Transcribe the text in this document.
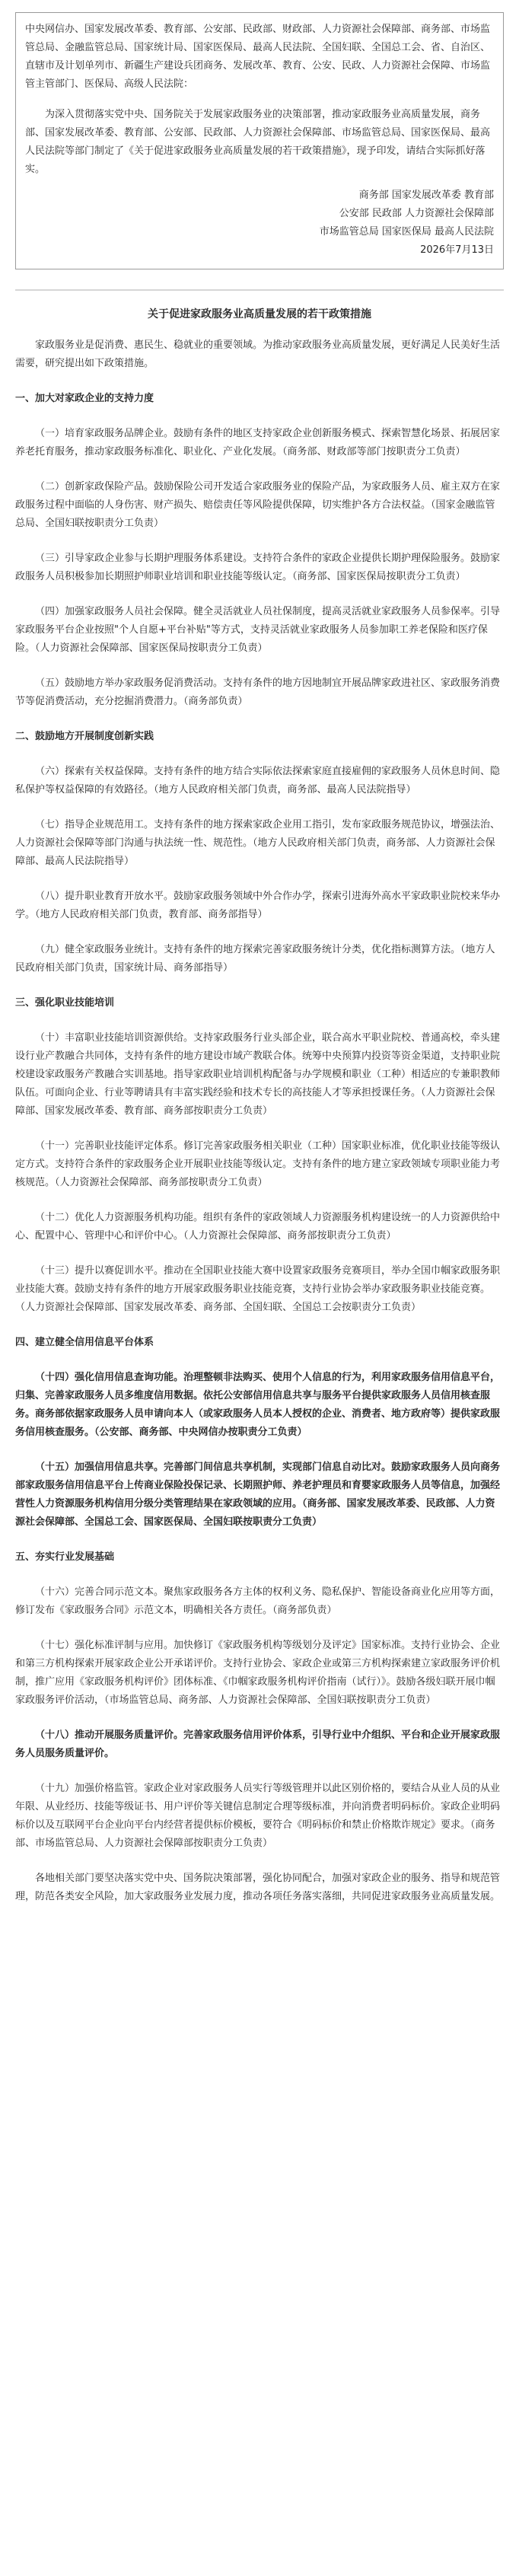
中央网信办、国家发展改革委、教育部、公安部、民政部、财政部、人力资源社会保障部、商务部、市场监管总局、金融监管总局、国家统计局、国家医保局、最高人民法院、全国妇联、全国总工会、省、自治区、直辖市及计划单列市、新疆生产建设兵团商务、发展改革、教育、公安、民政、人力资源社会保障、市场监管主管部门、医保局、高级人民法院：

为深入贯彻落实党中央、国务院关于发展家政服务业的决策部署，推动家政服务业高质量发展，商务部、国家发展改革委、教育部、公安部、民政部、人力资源社会保障部、市场监管总局、国家医保局、最高人民法院等部门制定了《关于促进家政服务业高质量发展的若干政策措施》，现予印发，请结合实际抓好落实。

商务部 国家发展改革委 教育部
公安部 民政部 人力资源社会保障部
市场监管总局 国家医保局 最高人民法院
2026年7月13日
关于促进家政服务业高质量发展的若干政策措施

家政服务业是促消费、惠民生、稳就业的重要领域。为推动家政服务业高质量发展，更好满足人民美好生活需要，研究提出如下政策措施。

一、加大对家政企业的支持力度

（一）培育家政服务品牌企业。鼓励有条件的地区支持家政企业创新服务模式、探索智慧化场景、拓展居家养老托育服务，推动家政服务标准化、职业化、产业化发展。（商务部、财政部等部门按职责分工负责）

（二）创新家政保险产品。鼓励保险公司开发适合家政服务业的保险产品，为家政服务人员、雇主双方在家政服务过程中面临的人身伤害、财产损失、赔偿责任等风险提供保障，切实维护各方合法权益。（国家金融监管总局、全国妇联按职责分工负责）

（三）引导家政企业参与长期护理服务体系建设。支持符合条件的家政企业提供长期护理保险服务。鼓励家政服务人员积极参加长期照护师职业培训和职业技能等级认定。（商务部、国家医保局按职责分工负责）

（四）加强家政服务人员社会保障。健全灵活就业人员社保制度，提高灵活就业家政服务人员参保率。引导家政服务平台企业按照"个人自愿+平台补贴"等方式，支持灵活就业家政服务人员参加职工养老保险和医疗保险。（人力资源社会保障部、国家医保局按职责分工负责）

（五）鼓励地方举办家政服务促消费活动。支持有条件的地方因地制宜开展品牌家政进社区、家政服务消费节等促消费活动，充分挖掘消费潜力。（商务部负责）

二、鼓励地方开展制度创新实践

（六）探索有关权益保障。支持有条件的地方结合实际依法探索家庭直接雇佣的家政服务人员休息时间、隐私保护等权益保障的有效路径。（地方人民政府相关部门负责，商务部、最高人民法院指导）

（七）指导企业规范用工。支持有条件的地方探索家政企业用工指引，发布家政服务规范协议，增强法治、人力资源社会保障等部门沟通与执法统一性、规范性。（地方人民政府相关部门负责，商务部、人力资源社会保障部、最高人民法院指导）

（八）提升职业教育开放水平。鼓励家政服务领域中外合作办学，探索引进海外高水平家政职业院校来华办学。（地方人民政府相关部门负责，教育部、商务部指导）

（九）健全家政服务业统计。支持有条件的地方探索完善家政服务统计分类，优化指标测算方法。（地方人民政府相关部门负责，国家统计局、商务部指导）

三、强化职业技能培训

（十）丰富职业技能培训资源供给。支持家政服务行业头部企业，联合高水平职业院校、普通高校，牵头建设行业产教融合共同体，支持有条件的地方建设市域产教联合体。统筹中央预算内投资等资金渠道，支持职业院校建设家政服务产教融合实训基地。指导家政职业培训机构配备与办学规模和职业（工种）相适应的专兼职教师队伍。可面向企业、行业等聘请具有丰富实践经验和技术专长的高技能人才等承担授课任务。（人力资源社会保障部、国家发展改革委、教育部、商务部按职责分工负责）

（十一）完善职业技能评定体系。修订完善家政服务相关职业（工种）国家职业标准，优化职业技能等级认定方式。支持符合条件的家政服务企业开展职业技能等级认定。支持有条件的地方建立家政领域专项职业能力考核规范。（人力资源社会保障部、商务部按职责分工负责）

（十二）优化人力资源服务机构功能。组织有条件的家政领域人力资源服务机构建设统一的人力资源供给中心、配置中心、管理中心和评价中心。（人力资源社会保障部、商务部按职责分工负责）

（十三）提升以赛促训水平。推动在全国职业技能大赛中设置家政服务竞赛项目，举办全国巾帼家政服务职业技能大赛。鼓励支持有条件的地方开展家政服务职业技能竞赛，支持行业协会举办家政服务职业技能竞赛。（人力资源社会保障部、国家发展改革委、商务部、全国妇联、全国总工会按职责分工负责）

四、建立健全信用信息平台体系

（十四）强化信用信息查询功能。治理整顿非法购买、使用个人信息的行为，利用家政服务信用信息平台，归集、完善家政服务人员多维度信用数据。依托公安部信用信息共享与服务平台提供家政服务人员信用核查服务。商务部依据家政服务人员申请向本人（或家政服务人员本人授权的企业、消费者、地方政府等）提供家政服务信用核查服务。（公安部、商务部、中央网信办按职责分工负责）

（十五）加强信用信息共享。完善部门间信息共享机制，实现部门信息自动比对。鼓励家政服务人员向商务部家政服务信用信息平台上传商业保险投保记录、长期照护师、养老护理员和育婴家政服务人员等信息，加强经营性人力资源服务机构信用分级分类管理结果在家政领域的应用。（商务部、国家发展改革委、民政部、人力资源社会保障部、全国总工会、国家医保局、全国妇联按职责分工负责）

五、夯实行业发展基础

（十六）完善合同示范文本。聚焦家政服务各方主体的权利义务、隐私保护、智能设备商业化应用等方面，修订发布《家政服务合同》示范文本，明确相关各方责任。（商务部负责）

（十七）强化标准评制与应用。加快修订《家政服务机构等级划分及评定》国家标准。支持行业协会、企业和第三方机构探索开展家政企业公开承诺评价。支持行业协会、家政企业或第三方机构探索建立家政服务评价机制，推广应用《家政服务机构评价》团体标准、《巾帼家政服务机构评价指南（试行）》。鼓励各级妇联开展巾帼家政服务评价活动，（市场监管总局、商务部、人力资源社会保障部、全国妇联按职责分工负责）

（十八）推动开展服务质量评价。完善家政服务信用评价体系，引导行业中介组织、平台和企业开展家政服务人员服务质量评价。

（十九）加强价格监管。家政企业对家政服务人员实行等级管理并以此区别价格的，要结合从业人员的从业年限、从业经历、技能等级证书、用户评价等关键信息制定合理等级标准，并向消费者明码标价。家政企业明码标价以及互联网平台企业向平台内经营者提供标价模板，要符合《明码标价和禁止价格欺诈规定》要求。（商务部、市场监管总局、人力资源社会保障部按职责分工负责）

各地相关部门要坚决落实党中央、国务院决策部署，强化协同配合，加强对家政企业的服务、指导和规范管理，防范各类安全风险，加大家政服务业发展力度，推动各项任务落实落细，共同促进家政服务业高质量发展。
